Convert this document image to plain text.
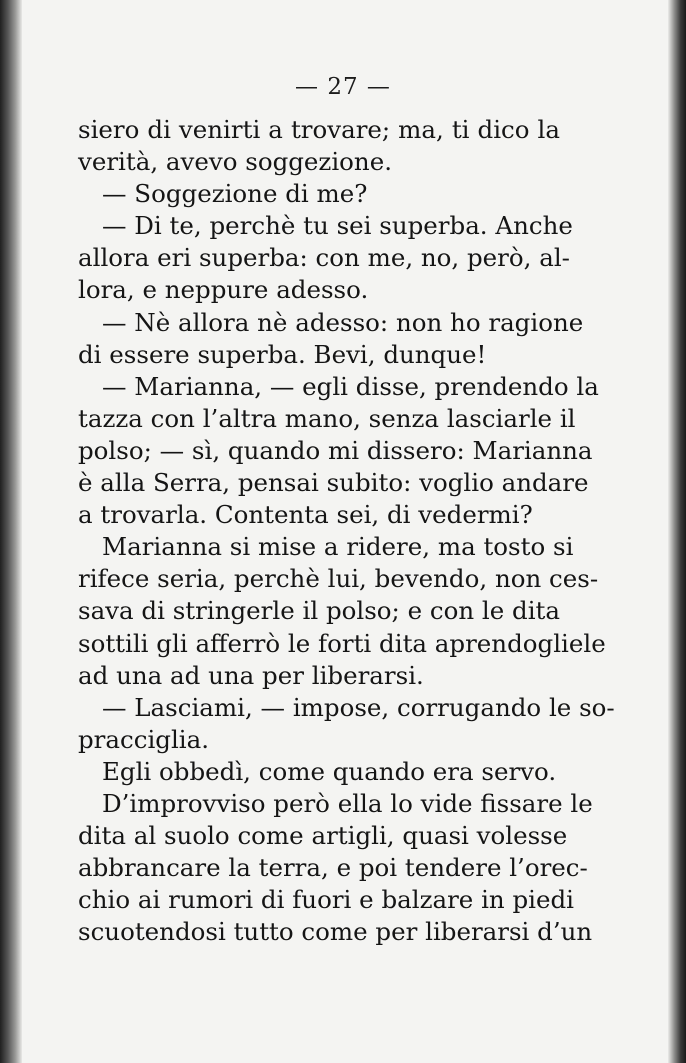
— 27 —
siero di venirti a trovare; ma, ti dico la
verità, avevo soggezione.
— Soggezione di me?
— Di te, perchè tu sei superba. Anche
allora eri superba: con me, no, però, al-
lora, e neppure adesso.
— Nè allora nè adesso: non ho ragione
di essere superba. Bevi, dunque!
— Marianna, — egli disse, prendendo la
tazza con l’altra mano, senza lasciarle il
polso; — sì, quando mi dissero: Marianna
è alla Serra, pensai subito: voglio andare
a trovarla. Contenta sei, di vedermi?
Marianna si mise a ridere, ma tosto si
rifece seria, perchè lui, bevendo, non ces-
sava di stringerle il polso; e con le dita
sottili gli afferrò le forti dita aprendogliele
ad una ad una per liberarsi.
— Lasciami, — impose, corrugando le so-
pracciglia.
Egli obbedì, come quando era servo.
D’improvviso però ella lo vide fissare le
dita al suolo come artigli, quasi volesse
abbrancare la terra, e poi tendere l’orec-
chio ai rumori di fuori e balzare in piedi
scuotendosi tutto come per liberarsi d’un
